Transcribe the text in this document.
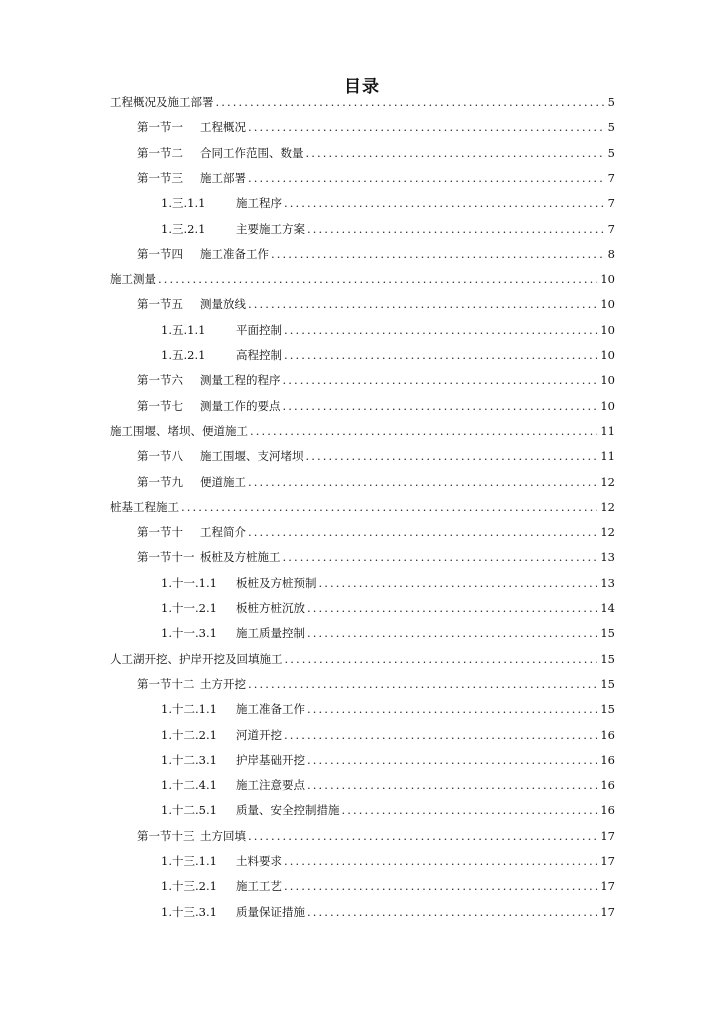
目录
工程概况及施工部署 .....	5
第一节一	工程概况 .....	5
第一节二	合同工作范围、数量 .....	5
第一节三	施工部署 .....	7
1.三.1.1	施工程序 .....	7
1.三.2.1	主要施工方案 .....	7
第一节四	施工准备工作 .....	8
施工测量 .....	10
第一节五	测量放线 .....	10
1.五.1.1	平面控制 .....	10
1.五.2.1	高程控制 .....	10
第一节六	测量工程的程序 .....	10
第一节七	测量工作的要点 .....	10
施工围堰、堵坝、便道施工 .....	11
第一节八	施工围堰、支河堵坝 .....	11
第一节九	便道施工 .....	12
桩基工程施工 .....	12
第一节十	工程简介 .....	12
第一节十一 板桩及方桩施工 .....	13
1.十一.1.1	板桩及方桩预制 .....	13
1.十一.2.1	板桩方桩沉放 .....	14
1.十一.3.1	施工质量控制 .....	15
人工湖开挖、护岸开挖及回填施工 .....	15
第一节十二 土方开挖 .....	15
1.十二.1.1	施工准备工作 .....	15
1.十二.2.1	河道开挖 .....	16
1.十二.3.1	护岸基础开挖 .....	16
1.十二.4.1	施工注意要点 .....	16
1.十二.5.1	质量、安全控制措施 .....	16
第一节十三 土方回填 .....	17
1.十三.1.1	土料要求 .....	17
1.十三.2.1	施工工艺 .....	17
1.十三.3.1	质量保证措施 .....	17
